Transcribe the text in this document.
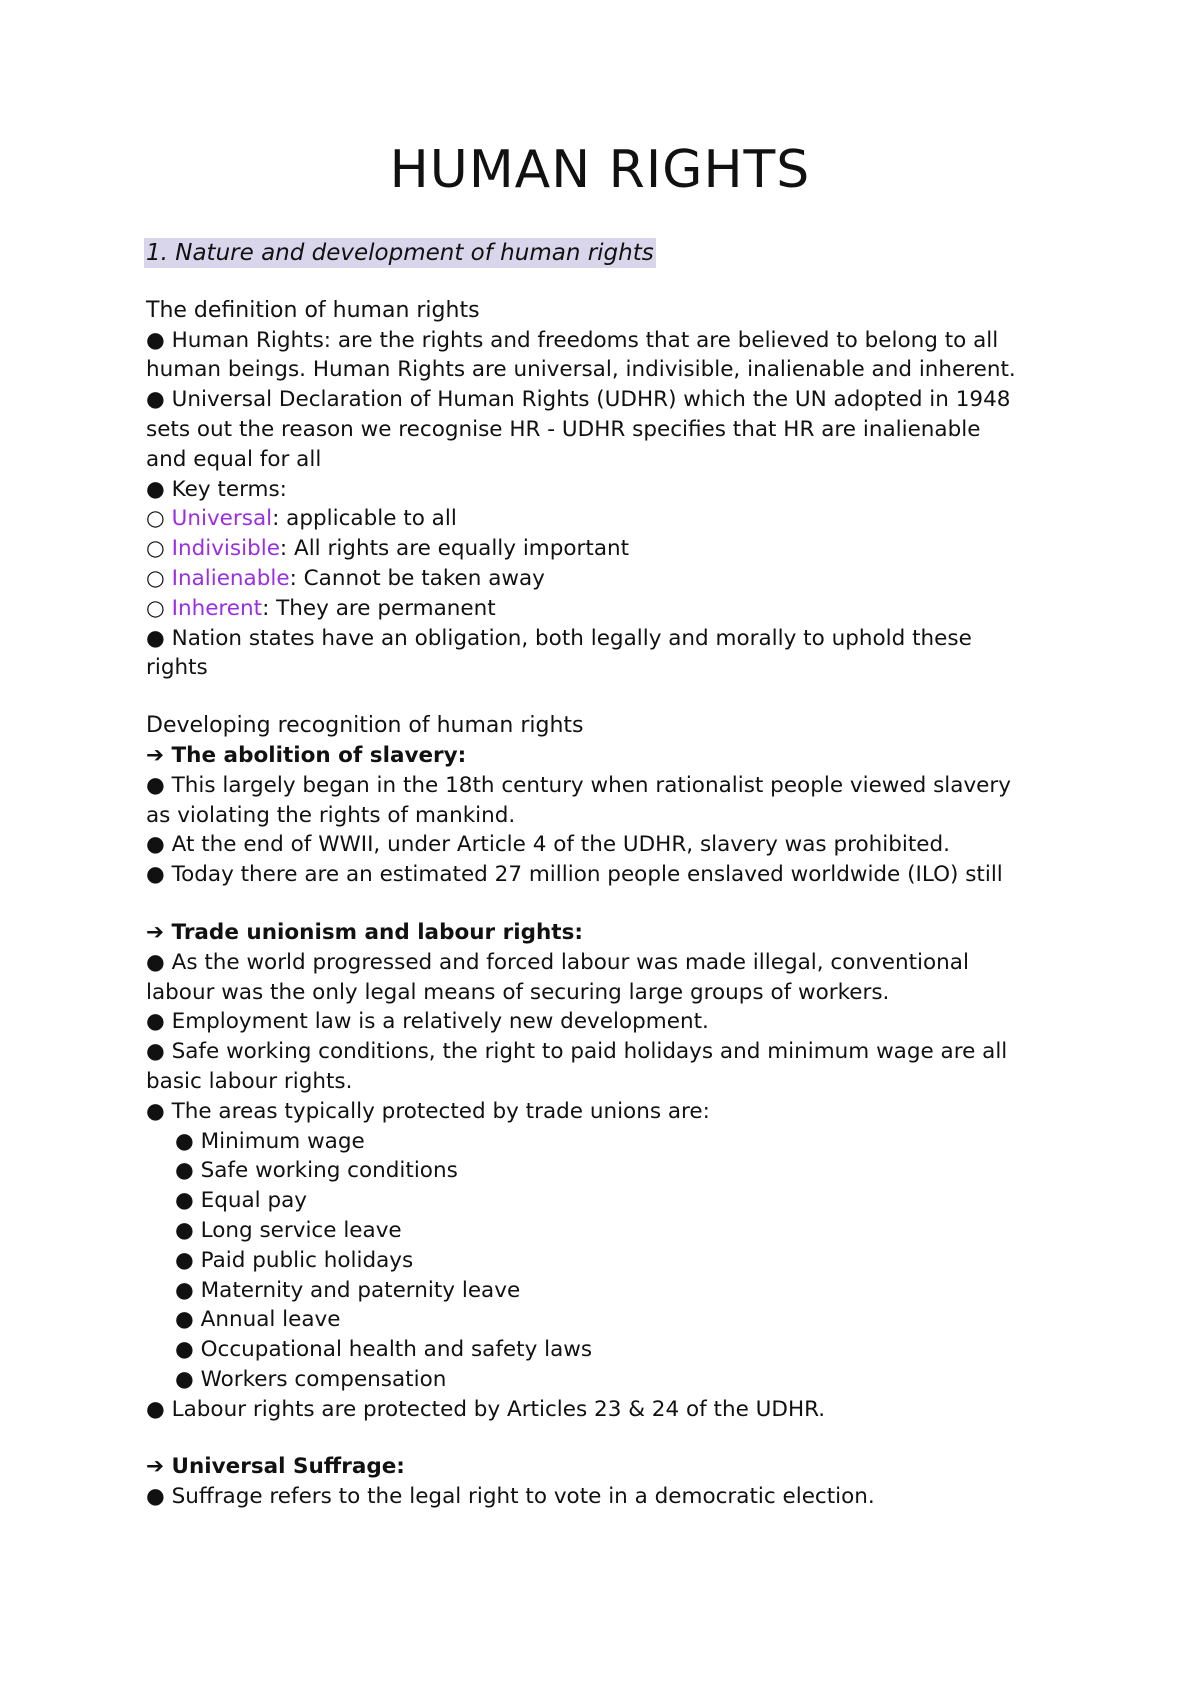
HUMAN RIGHTS
1. Nature and development of human rights
The definition of human rights
● Human Rights: are the rights and freedoms that are believed to belong to all
human beings. Human Rights are universal, indivisible, inalienable and inherent.
● Universal Declaration of Human Rights (UDHR) which the UN adopted in 1948
sets out the reason we recognise HR - UDHR specifies that HR are inalienable
and equal for all
● Key terms:
○ Universal: applicable to all
○ Indivisible: All rights are equally important
○ Inalienable: Cannot be taken away
○ Inherent: They are permanent
● Nation states have an obligation, both legally and morally to uphold these
rights
Developing recognition of human rights
➔ The abolition of slavery:
● This largely began in the 18th century when rationalist people viewed slavery
as violating the rights of mankind.
● At the end of WWII, under Article 4 of the UDHR, slavery was prohibited.
● Today there are an estimated 27 million people enslaved worldwide (ILO) still
➔ Trade unionism and labour rights:
● As the world progressed and forced labour was made illegal, conventional
labour was the only legal means of securing large groups of workers.
● Employment law is a relatively new development.
● Safe working conditions, the right to paid holidays and minimum wage are all
basic labour rights.
● The areas typically protected by trade unions are:
● Minimum wage
● Safe working conditions
● Equal pay
● Long service leave
● Paid public holidays
● Maternity and paternity leave
● Annual leave
● Occupational health and safety laws
● Workers compensation
● Labour rights are protected by Articles 23 & 24 of the UDHR.
➔ Universal Suffrage:
● Suffrage refers to the legal right to vote in a democratic election.
